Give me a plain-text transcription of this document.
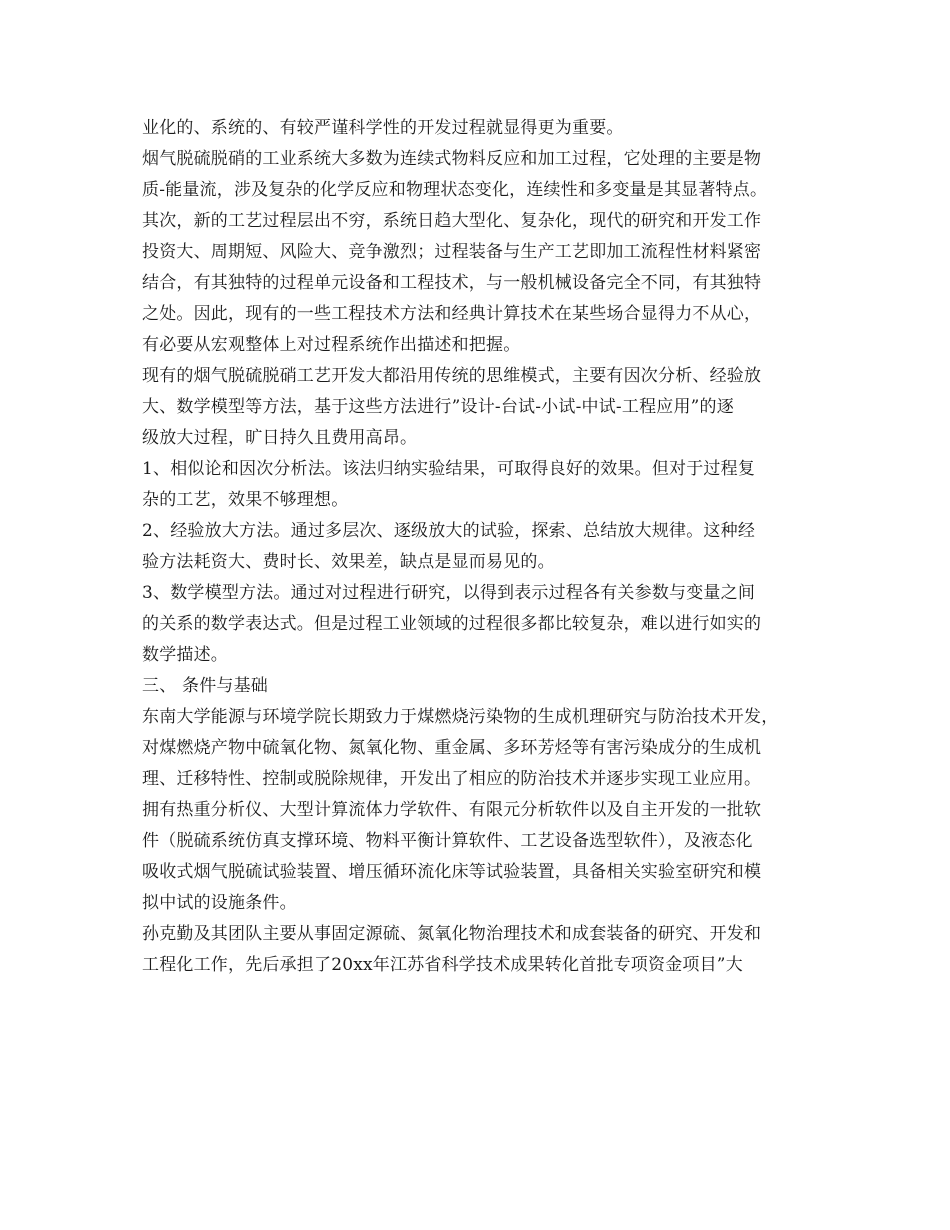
业化的、系统的、有较严谨科学性的开发过程就显得更为重要。
烟气脱硫脱硝的工业系统大多数为连续式物料反应和加工过程，它处理的主要是物
质-能量流，涉及复杂的化学反应和物理状态变化，连续性和多变量是其显著特点。
其次，新的工艺过程层出不穷，系统日趋大型化、复杂化，现代的研究和开发工作
投资大、周期短、风险大、竞争激烈；过程装备与生产工艺即加工流程性材料紧密
结合，有其独特的过程单元设备和工程技术，与一般机械设备完全不同，有其独特
之处。因此，现有的一些工程技术方法和经典计算技术在某些场合显得力不从心，
有必要从宏观整体上对过程系统作出描述和把握。
现有的烟气脱硫脱硝工艺开发大都沿用传统的思维模式，主要有因次分析、经验放
大、数学模型等方法，基于这些方法进行”设计-台试-小试-中试-工程应用”的逐
级放大过程，旷日持久且费用高昂。
1、相似论和因次分析法。该法归纳实验结果，可取得良好的效果。但对于过程复
杂的工艺，效果不够理想。
2、经验放大方法。通过多层次、逐级放大的试验，探索、总结放大规律。这种经
验方法耗资大、费时长、效果差，缺点是显而易见的。
3、数学模型方法。通过对过程进行研究，以得到表示过程各有关参数与变量之间
的关系的数学表达式。但是过程工业领域的过程很多都比较复杂，难以进行如实的
数学描述。
三、 条件与基础
东南大学能源与环境学院长期致力于煤燃烧污染物的生成机理研究与防治技术开发，
对煤燃烧产物中硫氧化物、氮氧化物、重金属、多环芳烃等有害污染成分的生成机
理、迁移特性、控制或脱除规律，开发出了相应的防治技术并逐步实现工业应用。
拥有热重分析仪、大型计算流体力学软件、有限元分析软件以及自主开发的一批软
件（脱硫系统仿真支撑环境、物料平衡计算软件、工艺设备选型软件），及液态化
吸收式烟气脱硫试验装置、增压循环流化床等试验装置，具备相关实验室研究和模
拟中试的设施条件。
孙克勤及其团队主要从事固定源硫、氮氧化物治理技术和成套装备的研究、开发和
工程化工作，先后承担了20xx年江苏省科学技术成果转化首批专项资金项目”大
